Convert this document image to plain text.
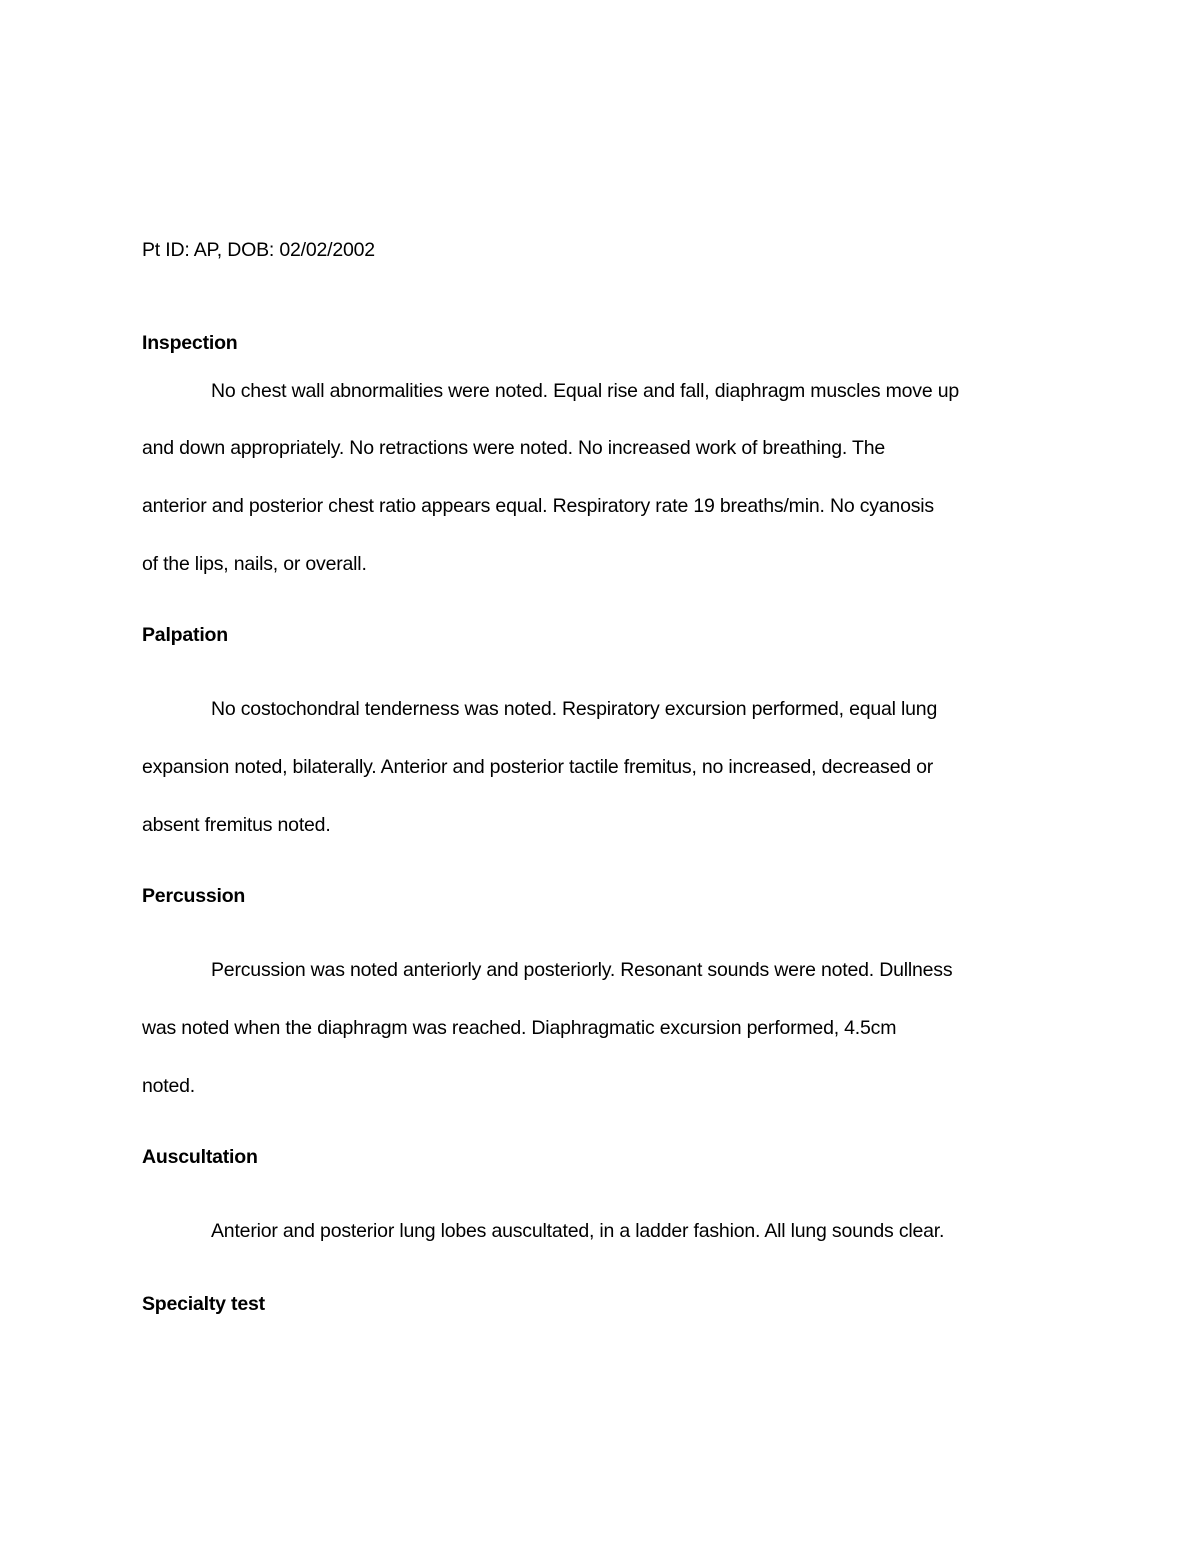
Pt ID: AP, DOB: 02/02/2002
Inspection
No chest wall abnormalities were noted. Equal rise and fall, diaphragm muscles move up
and down appropriately. No retractions were noted. No increased work of breathing. The
anterior and posterior chest ratio appears equal. Respiratory rate 19 breaths/min. No cyanosis
of the lips, nails, or overall.
Palpation
No costochondral tenderness was noted. Respiratory excursion performed, equal lung
expansion noted, bilaterally. Anterior and posterior tactile fremitus, no increased, decreased or
absent fremitus noted.
Percussion
Percussion was noted anteriorly and posteriorly. Resonant sounds were noted. Dullness
was noted when the diaphragm was reached. Diaphragmatic excursion performed, 4.5cm
noted.
Auscultation
Anterior and posterior lung lobes auscultated, in a ladder fashion. All lung sounds clear.
Specialty test
